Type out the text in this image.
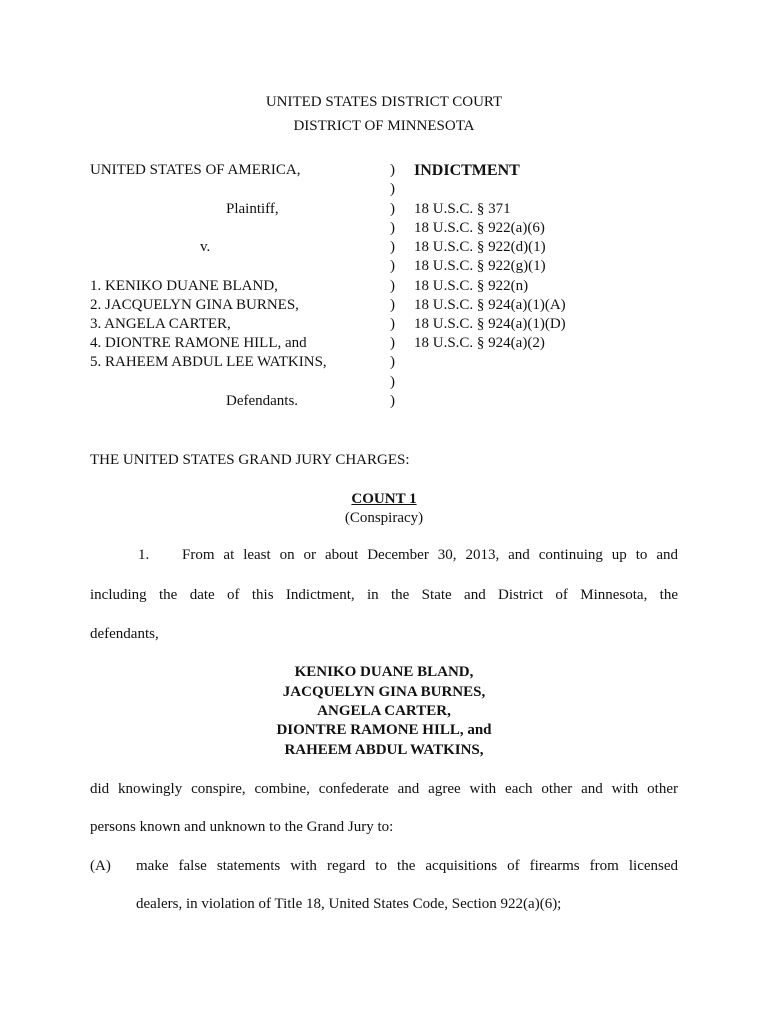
UNITED STATES DISTRICT COURT
DISTRICT OF MINNESOTA
UNITED STATES OF AMERICA,
Plaintiff,
v.
1. KENIKO DUANE BLAND,
2. JACQUELYN GINA BURNES,
3. ANGELA CARTER,
4. DIONTRE RAMONE HILL, and
5. RAHEEM ABDUL LEE WATKINS,
Defendants.
)
)
)
)
)
)
)
)
)
)
)
)
)
INDICTMENT
18 U.S.C. § 371
18 U.S.C. § 922(a)(6)
18 U.S.C. § 922(d)(1)
18 U.S.C. § 922(g)(1)
18 U.S.C. § 922(n)
18 U.S.C. § 924(a)(1)(A)
18 U.S.C. § 924(a)(1)(D)
18 U.S.C. § 924(a)(2)
THE UNITED STATES GRAND JURY CHARGES:
COUNT 1
(Conspiracy)
1. From at least on or about December 30, 2013, and continuing up to and
including the date of this Indictment, in the State and District of Minnesota, the
defendants,
KENIKO DUANE BLAND,
JACQUELYN GINA BURNES,
ANGELA CARTER,
DIONTRE RAMONE HILL, and
RAHEEM ABDUL WATKINS,
did knowingly conspire, combine, confederate and agree with each other and with other
persons known and unknown to the Grand Jury to:
(A) make false statements with regard to the acquisitions of firearms from licensed
dealers, in violation of Title 18, United States Code, Section 922(a)(6);
